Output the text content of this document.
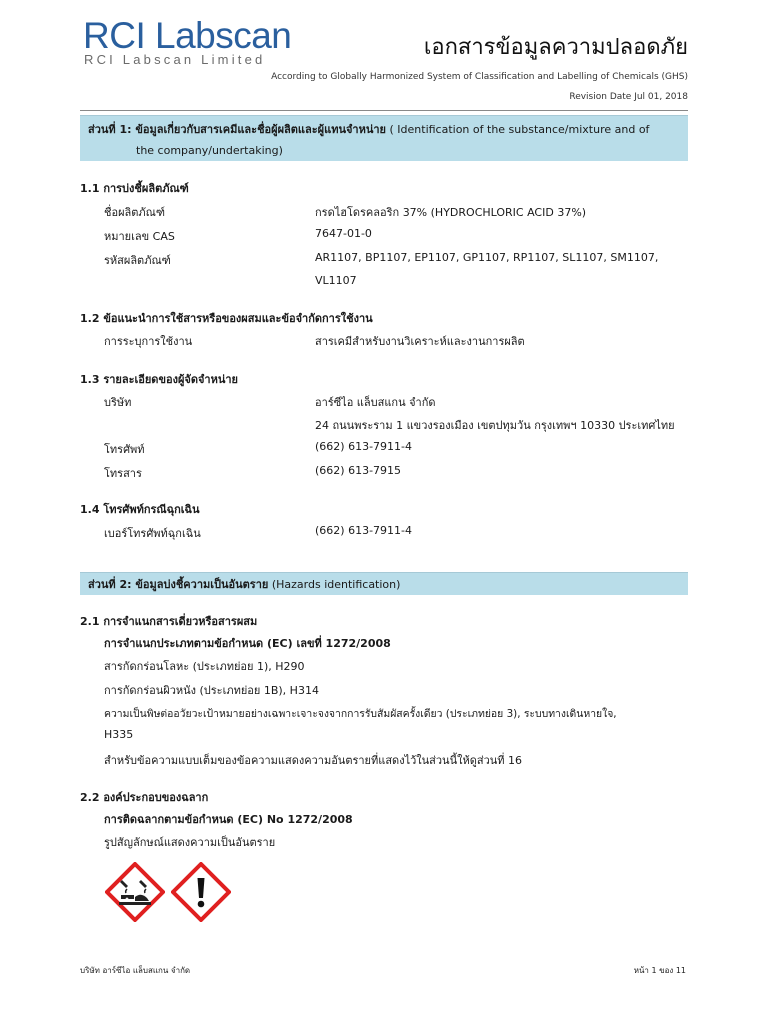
RCI Labscan
RCI Labscan Limited	เอกสารข้อมูลความปลอดภัย
According to Globally Harmonized System of Classification and Labelling of Chemicals (GHS)
Revision Date Jul 01, 2018
ส่วนที่ 1: ข้อมูลเกี่ยวกับสารเคมีและชื่อผู้ผลิตและผู้แทนจำหน่าย ( Identification of the substance/mixture and of
the company/undertaking)
1.1 การบ่งชี้ผลิตภัณฑ์
ชื่อผลิตภัณฑ์	กรดไฮโดรคลอริก 37% (HYDROCHLORIC ACID 37%)
หมายเลข CAS	7647-01-0
รหัสผลิตภัณฑ์	AR1107, BP1107, EP1107, GP1107, RP1107, SL1107, SM1107,
VL1107
1.2 ข้อแนะนำการใช้สารหรือของผสมและข้อจำกัดการใช้งาน
การระบุการใช้งาน	สารเคมีสำหรับงานวิเคราะห์และงานการผลิต
1.3 รายละเอียดของผู้จัดจำหน่าย
บริษัท	อาร์ซีไอ แล็บสแกน จำกัด
24 ถนนพระราม 1 แขวงรองเมือง เขตปทุมวัน กรุงเทพฯ 10330 ประเทศไทย
โทรศัพท์	(662) 613-7911-4
โทรสาร	(662) 613-7915
1.4 โทรศัพท์กรณีฉุกเฉิน
เบอร์โทรศัพท์ฉุกเฉิน	(662) 613-7911-4
ส่วนที่ 2: ข้อมูลบ่งชี้ความเป็นอันตราย (Hazards identification)
2.1 การจำแนกสารเดี่ยวหรือสารผสม
การจำแนกประเภทตามข้อกำหนด (EC) เลขที่ 1272/2008
สารกัดกร่อนโลหะ (ประเภทย่อย 1), H290
การกัดกร่อนผิวหนัง (ประเภทย่อย 1B), H314
ความเป็นพิษต่ออวัยวะเป้าหมายอย่างเฉพาะเจาะจงจากการรับสัมผัสครั้งเดียว (ประเภทย่อย 3), ระบบทางเดินหายใจ,
H335
สำหรับข้อความแบบเต็มของข้อความแสดงความอันตรายที่แสดงไว้ในส่วนนี้ให้ดูส่วนที่ 16
2.2 องค์ประกอบของฉลาก
การติดฉลากตามข้อกำหนด (EC) No 1272/2008
รูปสัญลักษณ์แสดงความเป็นอันตราย
บริษัท อาร์ซีไอ แล็บสแกน จำกัด	หน้า 1 ของ 11
